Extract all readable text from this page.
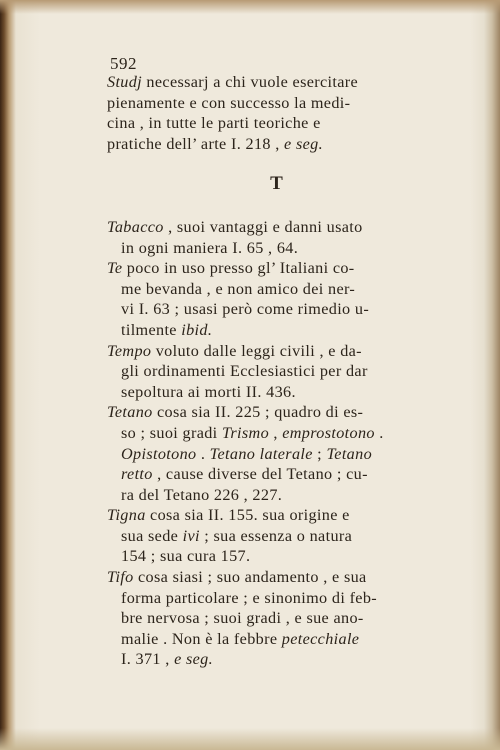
592
Studj necessarj a chi vuole esercitare
pienamente e con successo la medi-
cina , in tutte le parti teoriche e
pratiche dell’ arte I. 218 , e seg.
T
Tabacco , suoi vantaggi e danni usato
in ogni maniera I. 65 , 64.
Te poco in uso presso gl’ Italiani co-
me bevanda , e non amico dei ner-
vi I. 63 ; usasi però come rimedio u-
tilmente ibid.
Tempo voluto dalle leggi civili , e da-
gli ordinamenti Ecclesiastici per dar
sepoltura ai morti II. 436.
Tetano cosa sia II. 225 ; quadro di es-
so ; suoi gradi Trismo , emprostotono .
Opistotono . Tetano laterale ; Tetano
retto , cause diverse del Tetano ; cu-
ra del Tetano 226 , 227.
Tigna cosa sia II. 155. sua origine e
sua sede ivi ; sua essenza o natura
154 ; sua cura 157.
Tifo cosa siasi ; suo andamento , e sua
forma particolare ; e sinonimo di feb-
bre nervosa ; suoi gradi , e sue ano-
malie . Non è la febbre petecchiale
I. 371 , e seg.
